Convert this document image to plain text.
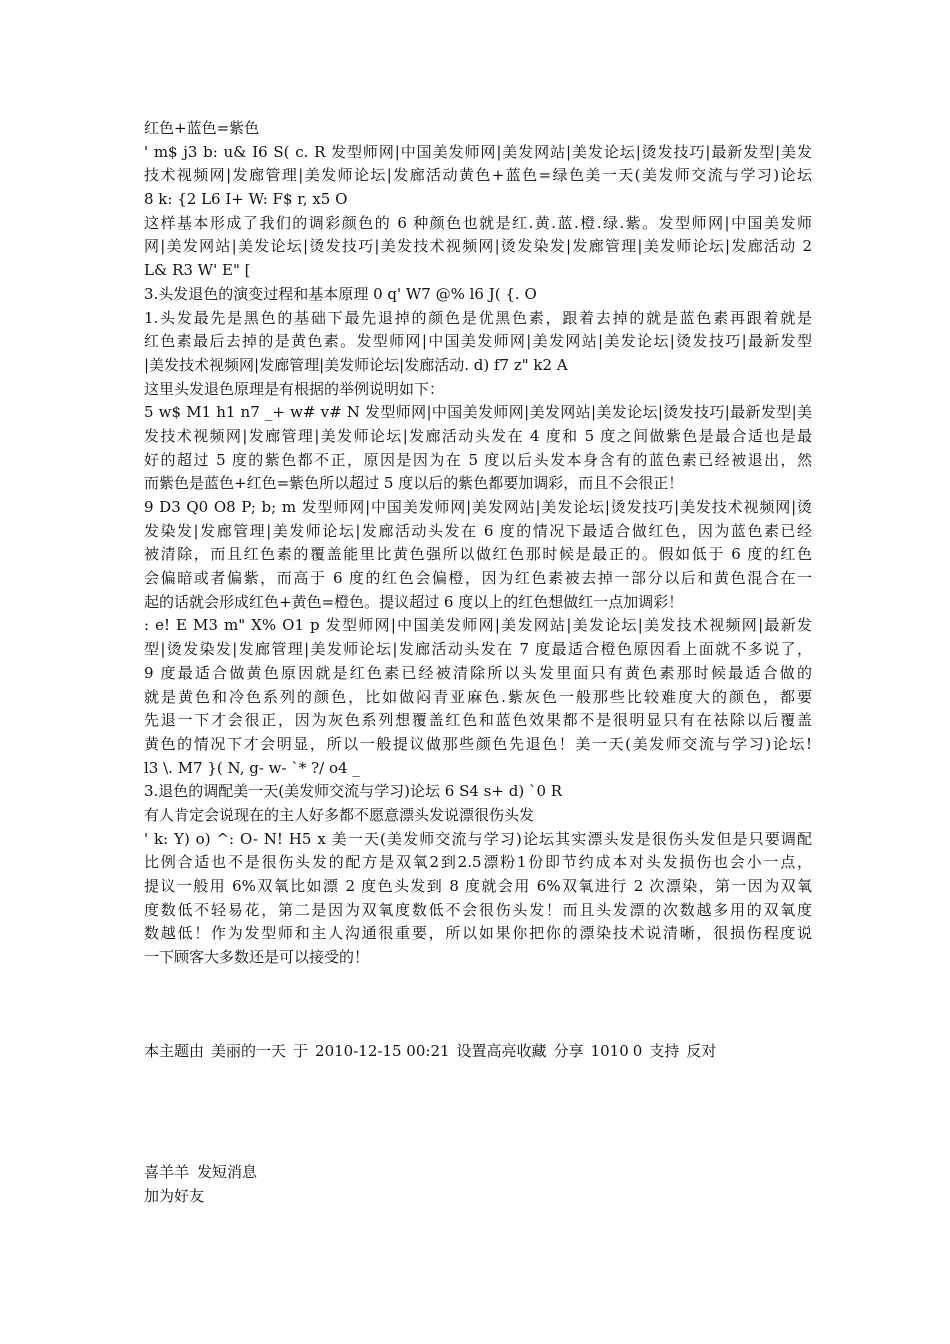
红色+蓝色=紫色
' m$ j3 b: u& I6 S( c. R 发型师网|中国美发师网|美发网站|美发论坛|烫发技巧|最新发型|美发
技术视频网|发廊管理|美发师论坛|发廊活动黄色+蓝色=绿色美一天(美发师交流与学习)论坛
8 k: {2 L6 I+ W: F$ r, x5 O
这样基本形成了我们的调彩颜色的 6 种颜色也就是红.黄.蓝.橙.绿.紫。发型师网|中国美发师
网|美发网站|美发论坛|烫发技巧|美发技术视频网|烫发染发|发廊管理|美发师论坛|发廊活动 2
L& R3 W' E" [
3.头发退色的演变过程和基本原理 0 q' W7 @% l6 J( {. O
1.头发最先是黑色的基础下最先退掉的颜色是优黑色素，跟着去掉的就是蓝色素再跟着就是
红色素最后去掉的是黄色素。发型师网|中国美发师网|美发网站|美发论坛|烫发技巧|最新发型
|美发技术视频网|发廊管理|美发师论坛|发廊活动. d) f7 z" k2 A
这里头发退色原理是有根据的举例说明如下：
5 w$ M1 h1 n7 _+ w# v# N 发型师网|中国美发师网|美发网站|美发论坛|烫发技巧|最新发型|美
发技术视频网|发廊管理|美发师论坛|发廊活动头发在 4 度和 5 度之间做紫色是最合适也是最
好的超过 5 度的紫色都不正，原因是因为在 5 度以后头发本身含有的蓝色素已经被退出，然
而紫色是蓝色+红色=紫色所以超过 5 度以后的紫色都要加调彩，而且不会很正！
9 D3 Q0 O8 P; b; m 发型师网|中国美发师网|美发网站|美发论坛|烫发技巧|美发技术视频网|烫
发染发|发廊管理|美发师论坛|发廊活动头发在 6 度的情况下最适合做红色，因为蓝色素已经
被清除，而且红色素的覆盖能里比黄色强所以做红色那时候是最正的。假如低于 6 度的红色
会偏暗或者偏紫，而高于 6 度的红色会偏橙，因为红色素被去掉一部分以后和黄色混合在一
起的话就会形成红色+黄色=橙色。提议超过 6 度以上的红色想做红一点加调彩！
: e! E M3 m" X% O1 p 发型师网|中国美发师网|美发网站|美发论坛|美发技术视频网|最新发
型|烫发染发|发廊管理|美发师论坛|发廊活动头发在 7 度最适合橙色原因看上面就不多说了，
9 度最适合做黄色原因就是红色素已经被清除所以头发里面只有黄色素那时候最适合做的
就是黄色和冷色系列的颜色，比如做闷青亚麻色.紫灰色一般那些比较难度大的颜色，都要
先退一下才会很正，因为灰色系列想覆盖红色和蓝色效果都不是很明显只有在祛除以后覆盖
黄色的情况下才会明显，所以一般提议做那些颜色先退色！美一天(美发师交流与学习)论坛!
l3 \. M7 }( N, g- w- `* ?/ o4 _
3.退色的调配美一天(美发师交流与学习)论坛 6 S4 s+ d) `0 R
有人肯定会说现在的主人好多都不愿意漂头发说漂很伤头发
' k: Y) o) ^: O- N! H5 x 美一天(美发师交流与学习)论坛其实漂头发是很伤头发但是只要调配
比例合适也不是很伤头发的配方是双氧2到2.5漂粉1份即节约成本对头发损伤也会小一点，
提议一般用 6%双氧比如漂 2 度色头发到 8 度就会用 6%双氧进行 2 次漂染，第一因为双氧
度数低不轻易花，第二是因为双氧度数低不会很伤头发！而且头发漂的次数越多用的双氧度
数越低！作为发型师和主人沟通很重要，所以如果你把你的漂染技术说清晰，很损伤程度说
一下顾客大多数还是可以接受的！
本主题由 美丽的一天 于 2010-12-15 00:21 设置高亮收藏 分享 1010 0 支持 反对
喜羊羊 发短消息
加为好友
